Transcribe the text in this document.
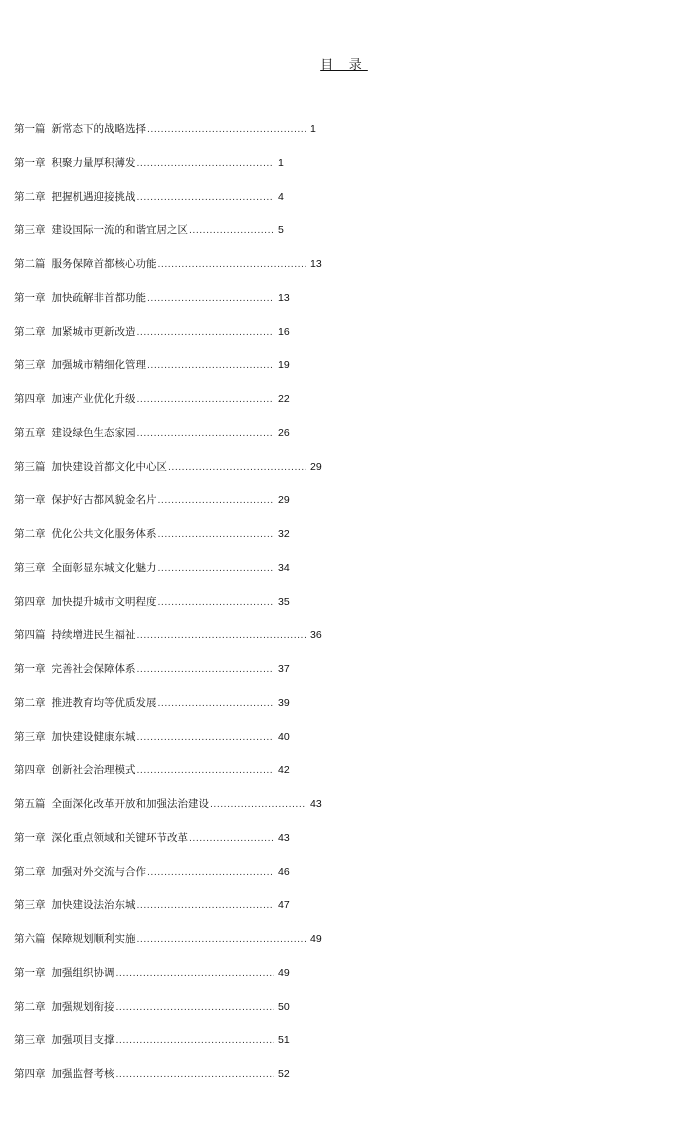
目 录
第一篇 新常态下的战略选择 .....	1
第一章 积聚力量厚积薄发 .....	1
第二章 把握机遇迎接挑战 .....	4
第三章 建设国际一流的和谐宜居之区 .....	5
第二篇 服务保障首都核心功能 .....	13
第一章 加快疏解非首都功能 .....	13
第二章 加紧城市更新改造 .....	16
第三章 加强城市精细化管理 .....	19
第四章 加速产业优化升级 .....	22
第五章 建设绿色生态家园 .....	26
第三篇 加快建设首都文化中心区 .....	29
第一章 保护好古都风貌金名片 .....	29
第二章 优化公共文化服务体系 .....	32
第三章 全面彰显东城文化魅力 .....	34
第四章 加快提升城市文明程度 .....	35
第四篇 持续增进民生福祉 .....	36
第一章 完善社会保障体系 .....	37
第二章 推进教育均等优质发展 .....	39
第三章 加快建设健康东城 .....	40
第四章 创新社会治理模式 .....	42
第五篇 全面深化改革开放和加强法治建设 .....	43
第一章 深化重点领域和关键环节改革 .....	43
第二章 加强对外交流与合作 .....	46
第三章 加快建设法治东城 .....	47
第六篇 保障规划顺利实施 .....	49
第一章 加强组织协调 .....	49
第二章 加强规划衔接 .....	50
第三章 加强项目支撑 .....	51
第四章 加强监督考核 .....	52
